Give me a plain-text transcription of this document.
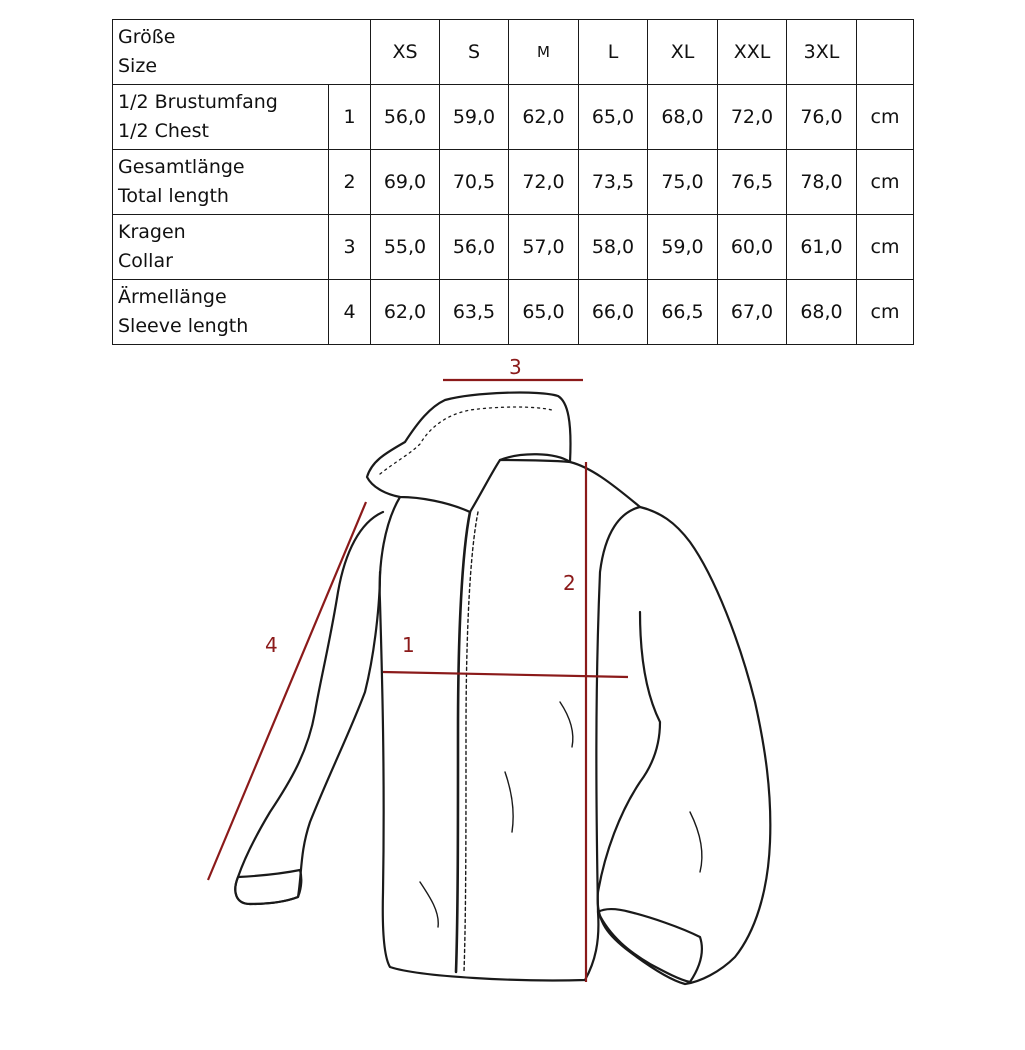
Größe
Size		XS	S	M	L	XL	XXL	3XL	

1/2 Brustumfang
1/2 Chest	1	56,0	59,0	62,0	65,0	68,0	72,0	76,0	cm

Gesamtlänge
Total length	2	69,0	70,5	72,0	73,5	75,0	76,5	78,0	cm

Kragen
Collar	3	55,0	56,0	57,0	58,0	59,0	60,0	61,0	cm

Ärmellänge
Sleeve length	4	62,0	63,5	65,0	66,0	66,5	67,0	68,0	cm
3
2
1
4
